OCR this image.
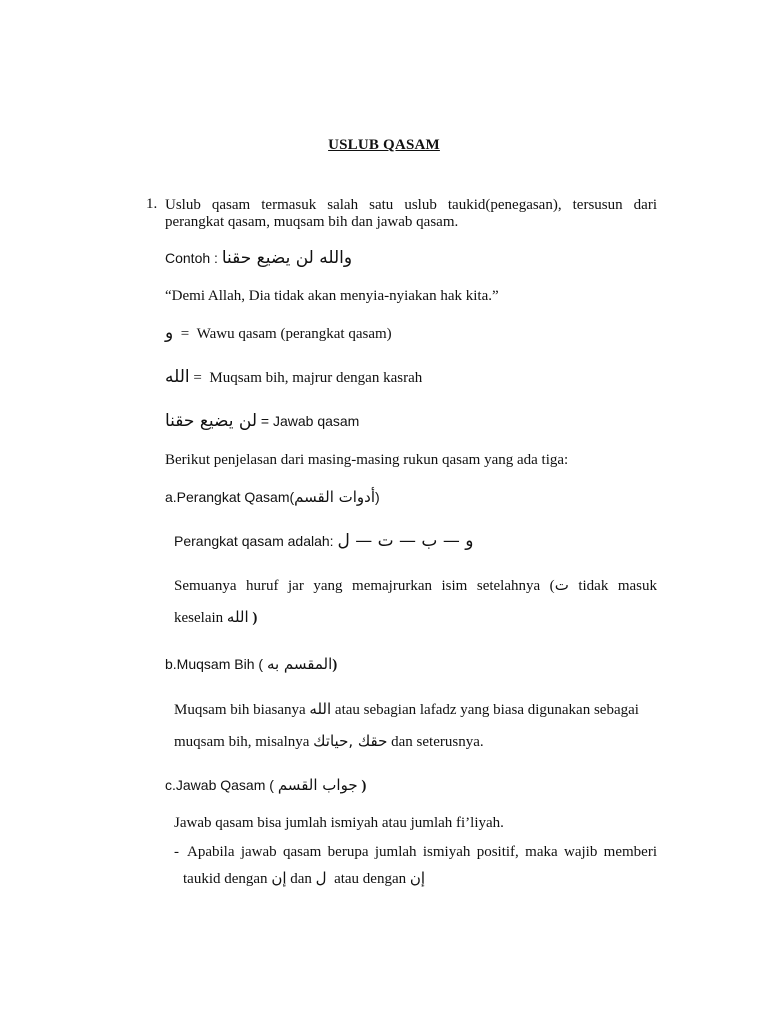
USLUB QASAM
1. Uslub qasam termasuk salah satu uslub taukid(penegasan), tersusun dari
perangkat qasam, muqsam bih dan jawab qasam.
Contoh : والله لن يضيع حقنا
“Demi Allah, Dia tidak akan menyia-nyiakan hak kita.”
و  =  Wawu qasam (perangkat qasam)
الله =  Muqsam bih, majrur dengan kasrah
لن يضيع حقنا = Jawab qasam
Berikut penjelasan dari masing-masing rukun qasam yang ada tiga:
a.Perangkat Qasam(أدوات القسم)
Perangkat qasam adalah: و — ب — ت — ل
Semuanya huruf jar yang memajrurkan isim setelahnya (ت tidak masuk
keselain الله )
b.Muqsam Bih ( المقسم به)
Muqsam bih biasanya الله atau sebagian lafadz yang biasa digunakan sebagai
muqsam bih, misalnya حقك ,حياتك dan seterusnya.
c.Jawab Qasam ( جواب القسم )
Jawab qasam bisa jumlah ismiyah atau jumlah fi’liyah.
- Apabila jawab qasam berupa jumlah ismiyah positif, maka wajib memberi
taukid dengan إن dan ل  atau dengan إن
